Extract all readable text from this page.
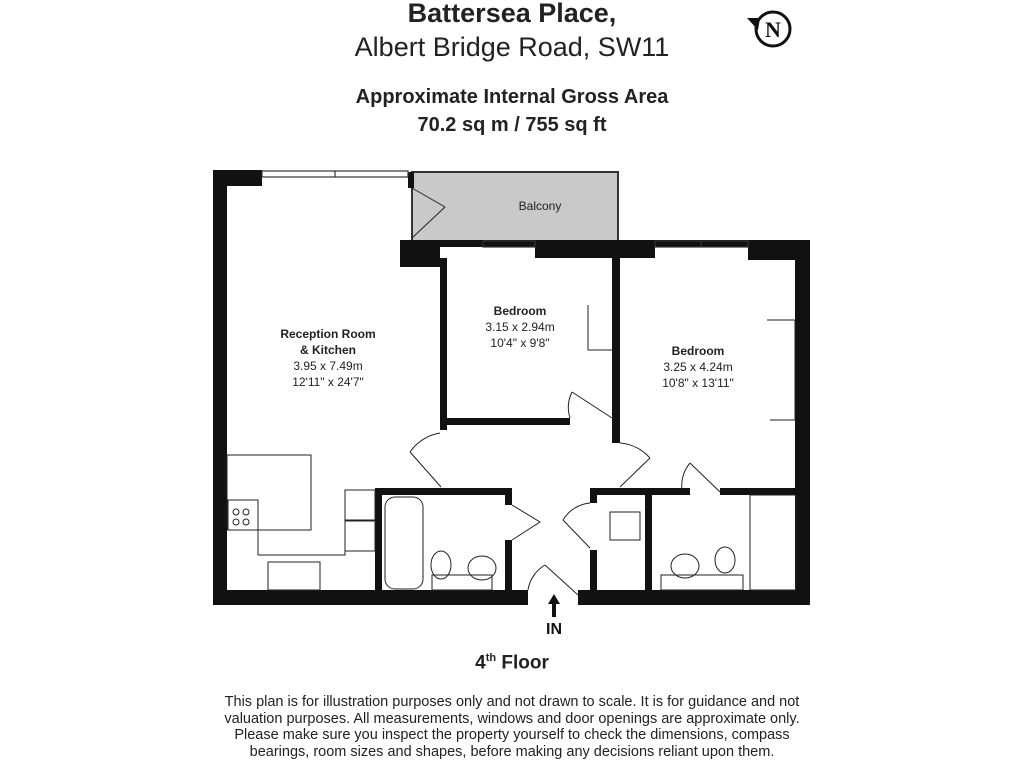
Battersea Place,
Albert Bridge Road, SW11
Approximate Internal Gross Area
70.2 sq m / 755 sq ft
N
Balcony
Reception Room
& Kitchen
3.95 x 7.49m
12'11" x 24'7"
Bedroom
3.15 x 2.94m
10'4" x 9'8"
Bedroom
3.25 x 4.24m
10'8" x 13'11"
IN
4th Floor
This plan is for illustration purposes only and not drawn to scale. It is for guidance and not
valuation purposes. All measurements, windows and door openings are approximate only.
Please make sure you inspect the property yourself to check the dimensions, compass
bearings, room sizes and shapes, before making any decisions reliant upon them.
